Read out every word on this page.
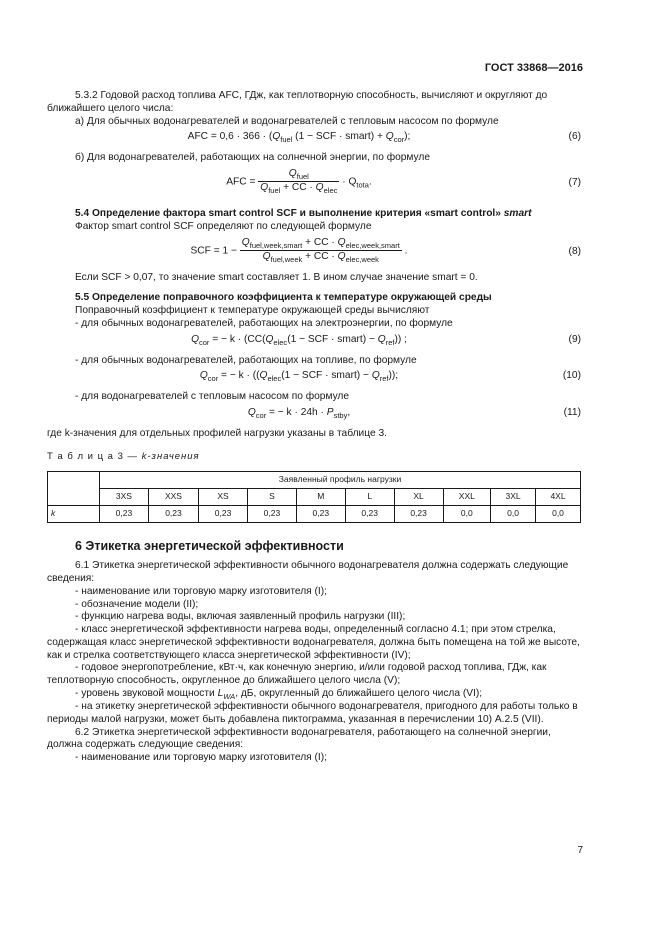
ГОСТ 33868—2016

5.3.2 Годовой расход топлива AFC, ГДж, как теплотворную способность, вычисляют и округляют до ближайшего целого числа:

а) Для обычных водонагревателей и водонагревателей с тепловым насосом по формуле

AFC = $0,6 \cdot 366 \cdot (Q_{fuel}$ (1 − SCF · smart) + $Q_{cor}$);	(6)

б) Для водонагревателей, работающих на солнечной энергии, по формуле

AFC = $\frac{Q_{fuel}}{Q_{fuel} + CC \cdot Q_{elec}} \cdot Q_{tota}$.	(7)

5.4 Определение фактора smart control SCF и выполнение критерия «smart control» smart

Фактор smart control SCF определяют по следующей формуле

SCF = $1 - \frac{Q_{fuel,week,smart} + CC \cdot Q_{elec,week,smart}}{Q_{fuel,week} + CC \cdot Q_{elec,week}}$ .	(8)

Если SCF > 0,07, то значение smart составляет 1. В ином случае значение smart = 0.

5.5 Определение поправочного коэффициента к температуре окружающей среды

Поправочный коэффициент к температуре окружающей среды вычисляют

- для обычных водонагревателей, работающих на электроэнергии, по формуле

$Q_{cor}$ = − $k \cdot (CC(Q_{elec}(1$ − SCF · smart) − $Q_{ref}$)) ;	(9)

- для обычных водонагревателей, работающих на топливе, по формуле

$Q_{cor}$ = − $k \cdot ((Q_{elec}(1$ − SCF · smart) − $Q_{ref}$));	(10)

- для водонагревателей с тепловым насосом по формуле

$Q_{cor}$ = − $k \cdot 24h \cdot P_{stby}$,	(11)

где k-значения для отдельных профилей нагрузки указаны в таблице 3.

Т а б л и ц а 3 — k-значения

	Заявленный профиль нагрузки									
	3XS	XXS	XS	S	M	L	XL	XXL	3XL	4XL
k	0,23	0,23	0,23	0,23	0,23	0,23	0,23	0,0	0,0	0,0

6 Этикетка энергетической эффективности

6.1 Этикетка энергетической эффективности обычного водонагревателя должна содержать следующие сведения:

- наименование или торговую марку изготовителя (I);

- обозначение модели (II);

- функцию нагрева воды, включая заявленный профиль нагрузки (III);

- класс энергетической эффективности нагрева воды, определенный согласно 4.1; при этом стрелка, содержащая класс энергетической эффективности водонагревателя, должна быть помещена на той же высоте, как и стрелка соответствующего класса энергетической эффективности (IV);

- годовое энергопотребление, кВт·ч, как конечную энергию, и/или годовой расход топлива, ГДж, как теплотворную способность, округленное до ближайшего целого числа (V);

- уровень звуковой мощности $L_{WA}$, дБ, округленный до ближайшего целого числа (VI);

- на этикетку энергетической эффективности обычного водонагревателя, пригодного для работы только в периоды малой нагрузки, может быть добавлена пиктограмма, указанная в перечислении 10) А.2.5 (VII).

6.2 Этикетка энергетической эффективности водонагревателя, работающего на солнечной энергии, должна содержать следующие сведения:

- наименование или торговую марку изготовителя (I);

7
